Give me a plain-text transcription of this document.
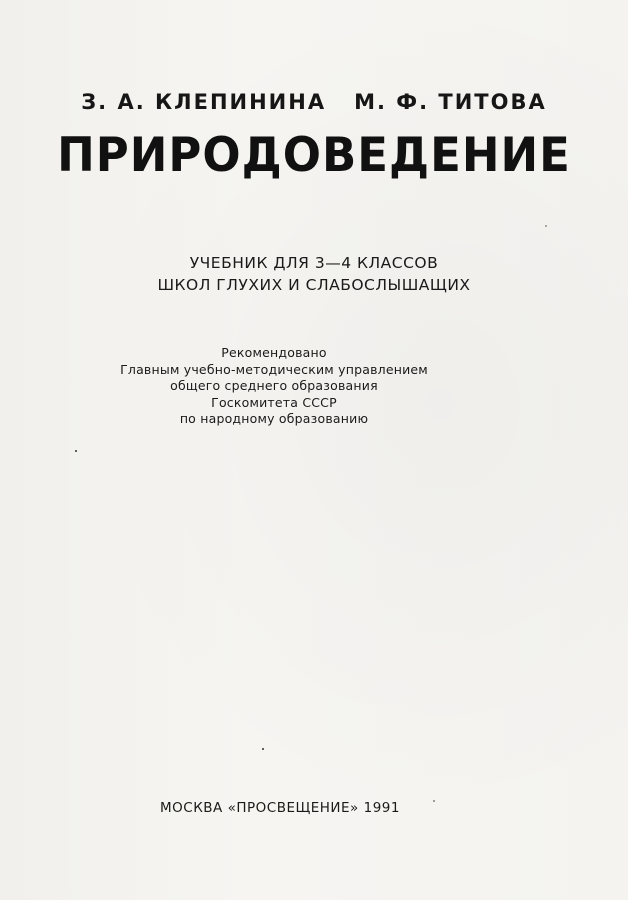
З. А. КЛЕПИНИНА М. Ф. ТИТОВА
ПРИРОДОВЕДЕНИЕ
УЧЕБНИК ДЛЯ 3—4 КЛАССОВ
ШКОЛ ГЛУХИХ И СЛАБОСЛЫШАЩИХ
Рекомендовано
Главным учебно-методическим управлением
общего среднего образования
Госкомитета СССР
по народному образованию
МОСКВА «ПРОСВЕЩЕНИЕ» 1991
